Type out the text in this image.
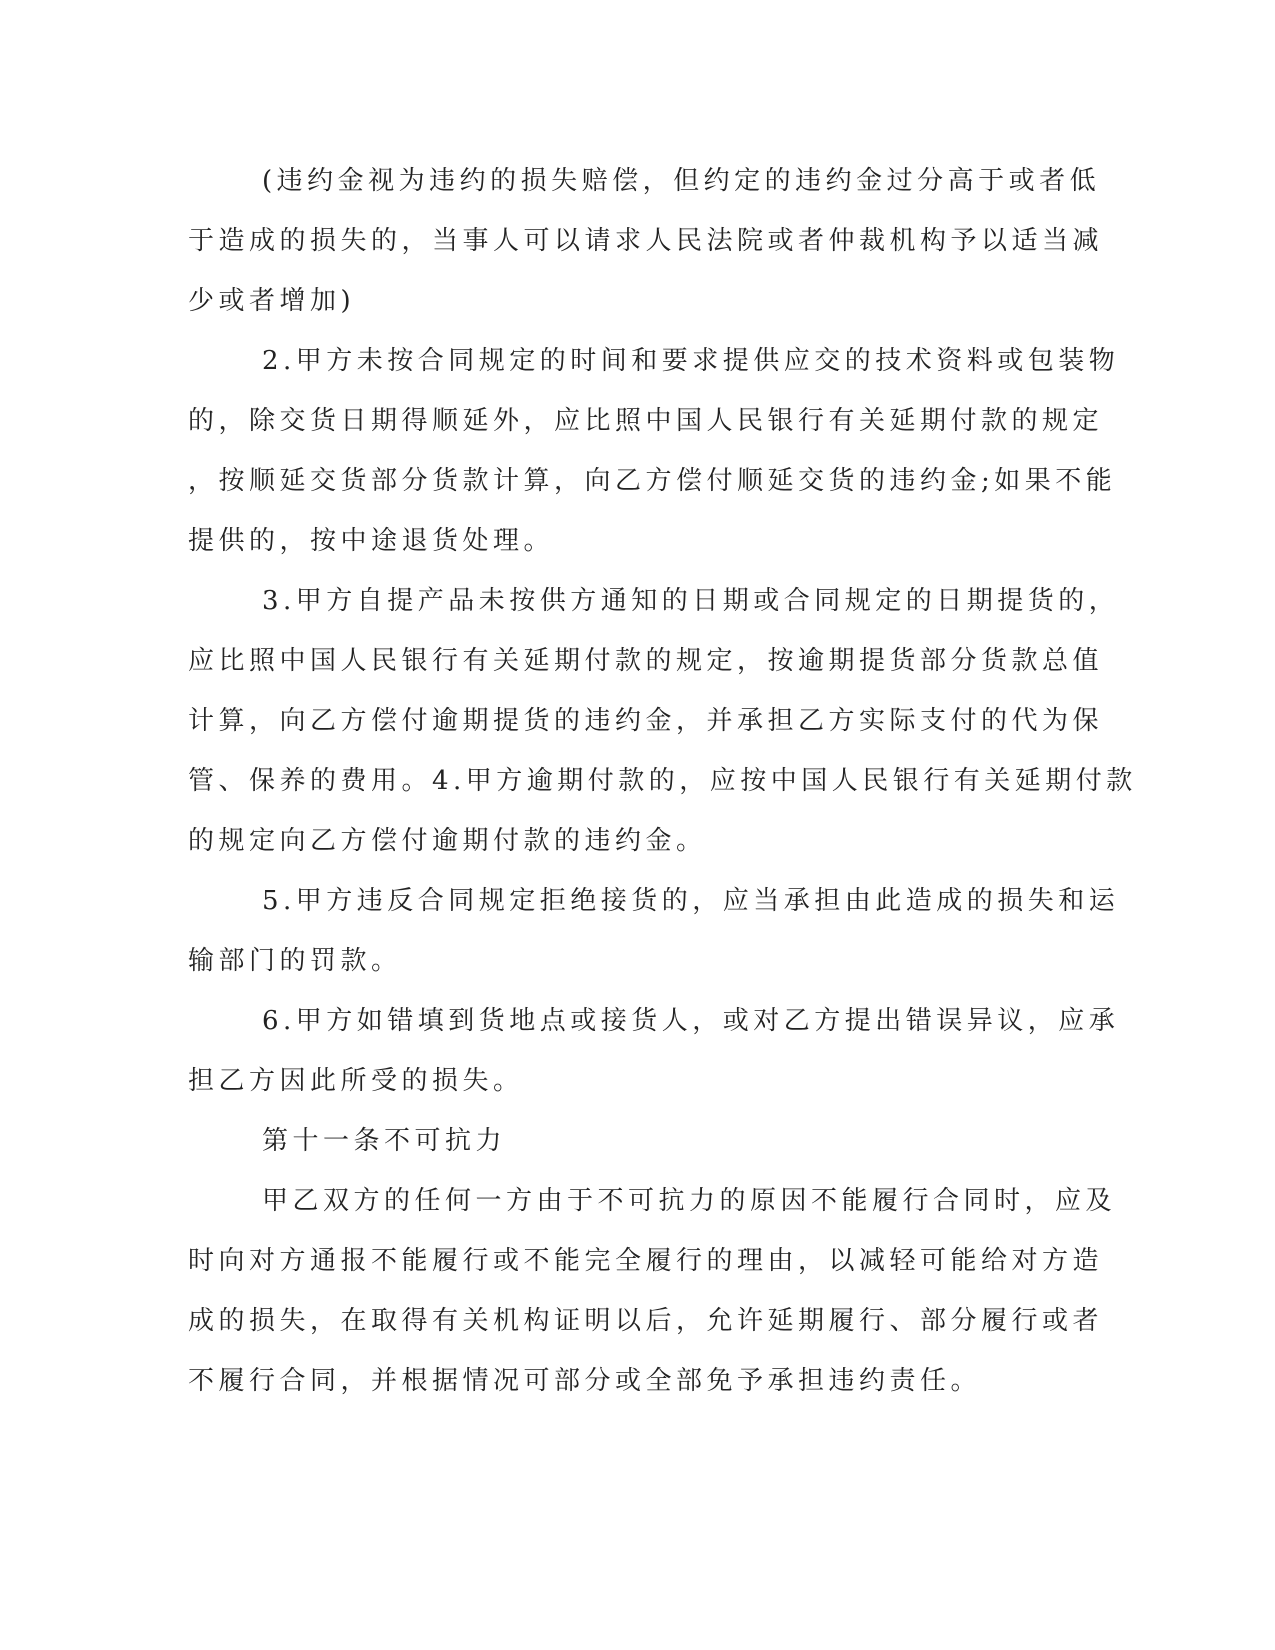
(违约金视为违约的损失赔偿，但约定的违约金过分高于或者低
于造成的损失的，当事人可以请求人民法院或者仲裁机构予以适当减
少或者增加)
2.甲方未按合同规定的时间和要求提供应交的技术资料或包装物
的，除交货日期得顺延外，应比照中国人民银行有关延期付款的规定
，按顺延交货部分货款计算，向乙方偿付顺延交货的违约金;如果不能
提供的，按中途退货处理。
3.甲方自提产品未按供方通知的日期或合同规定的日期提货的，
应比照中国人民银行有关延期付款的规定，按逾期提货部分货款总值
计算，向乙方偿付逾期提货的违约金，并承担乙方实际支付的代为保
管、保养的费用。4.甲方逾期付款的，应按中国人民银行有关延期付款
的规定向乙方偿付逾期付款的违约金。
5.甲方违反合同规定拒绝接货的，应当承担由此造成的损失和运
输部门的罚款。
6.甲方如错填到货地点或接货人，或对乙方提出错误异议，应承
担乙方因此所受的损失。
第十一条不可抗力
甲乙双方的任何一方由于不可抗力的原因不能履行合同时，应及
时向对方通报不能履行或不能完全履行的理由，以减轻可能给对方造
成的损失，在取得有关机构证明以后，允许延期履行、部分履行或者
不履行合同，并根据情况可部分或全部免予承担违约责任。
